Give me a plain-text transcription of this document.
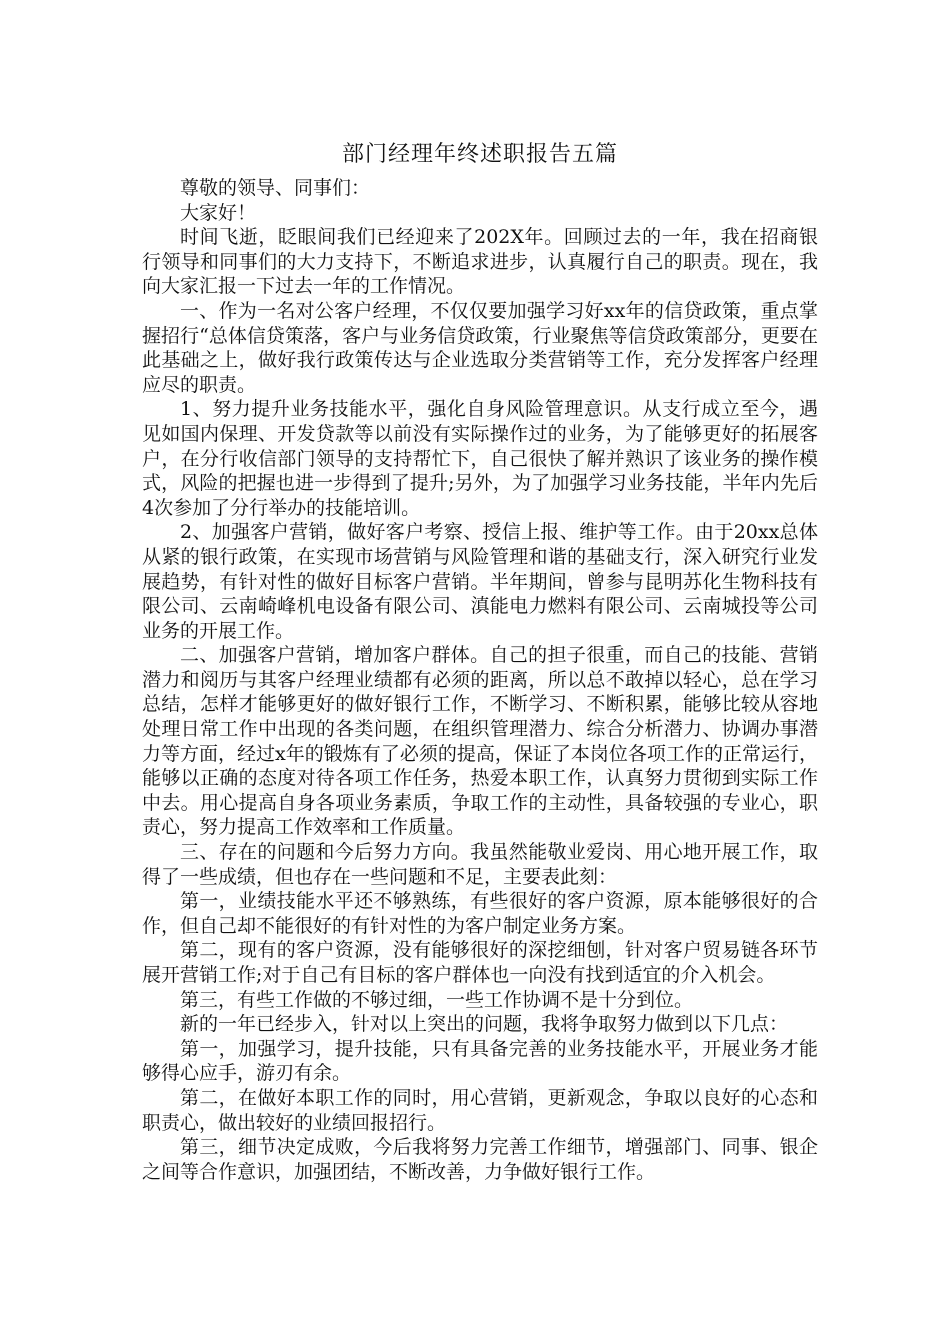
部门经理年终述职报告五篇

尊敬的领导、同事们：

大家好！

时间飞逝，眨眼间我们已经迎来了202X年。回顾过去的一年，我在招商银行领导和同事们的大力支持下，不断追求进步，认真履行自己的职责。现在，我向大家汇报一下过去一年的工作情况。

一、作为一名对公客户经理，不仅仅要加强学习好xx年的信贷政策，重点掌握招行“总体信贷策落，客户与业务信贷政策，行业聚焦等信贷政策部分，更要在此基础之上，做好我行政策传达与企业选取分类营销等工作，充分发挥客户经理应尽的职责。

1、努力提升业务技能水平，强化自身风险管理意识。从支行成立至今，遇见如国内保理、开发贷款等以前没有实际操作过的业务，为了能够更好的拓展客户，在分行收信部门领导的支持帮忙下，自己很快了解并熟识了该业务的操作模式，风险的把握也进一步得到了提升;另外，为了加强学习业务技能，半年内先后4次参加了分行举办的技能培训。

2、加强客户营销，做好客户考察、授信上报、维护等工作。由于20xx总体从紧的银行政策，在实现市场营销与风险管理和谐的基础支行，深入研究行业发展趋势，有针对性的做好目标客户营销。半年期间，曾参与昆明苏化生物科技有限公司、云南崎峰机电设备有限公司、滇能电力燃料有限公司、云南城投等公司业务的开展工作。

二、加强客户营销，增加客户群体。自己的担子很重，而自己的技能、营销潜力和阅历与其客户经理业绩都有必须的距离，所以总不敢掉以轻心，总在学习总结，怎样才能够更好的做好银行工作，不断学习、不断积累，能够比较从容地处理日常工作中出现的各类问题，在组织管理潜力、综合分析潜力、协调办事潜力等方面，经过x年的锻炼有了必须的提高，保证了本岗位各项工作的正常运行，能够以正确的态度对待各项工作任务，热爱本职工作，认真努力贯彻到实际工作中去。用心提高自身各项业务素质，争取工作的主动性，具备较强的专业心，职责心，努力提高工作效率和工作质量。

三、存在的问题和今后努力方向。我虽然能敬业爱岗、用心地开展工作，取得了一些成绩，但也存在一些问题和不足，主要表此刻：

第一，业绩技能水平还不够熟练，有些很好的客户资源，原本能够很好的合作，但自己却不能很好的有针对性的为客户制定业务方案。

第二，现有的客户资源，没有能够很好的深挖细刨，针对客户贸易链各环节展开营销工作;对于自己有目标的客户群体也一向没有找到适宜的介入机会。

第三，有些工作做的不够过细，一些工作协调不是十分到位。

新的一年已经步入，针对以上突出的问题，我将争取努力做到以下几点：

第一，加强学习，提升技能，只有具备完善的业务技能水平，开展业务才能够得心应手，游刃有余。

第二，在做好本职工作的同时，用心营销，更新观念，争取以良好的心态和职责心，做出较好的业绩回报招行。

第三，细节决定成败，今后我将努力完善工作细节，增强部门、同事、银企之间等合作意识，加强团结，不断改善，力争做好银行工作。
